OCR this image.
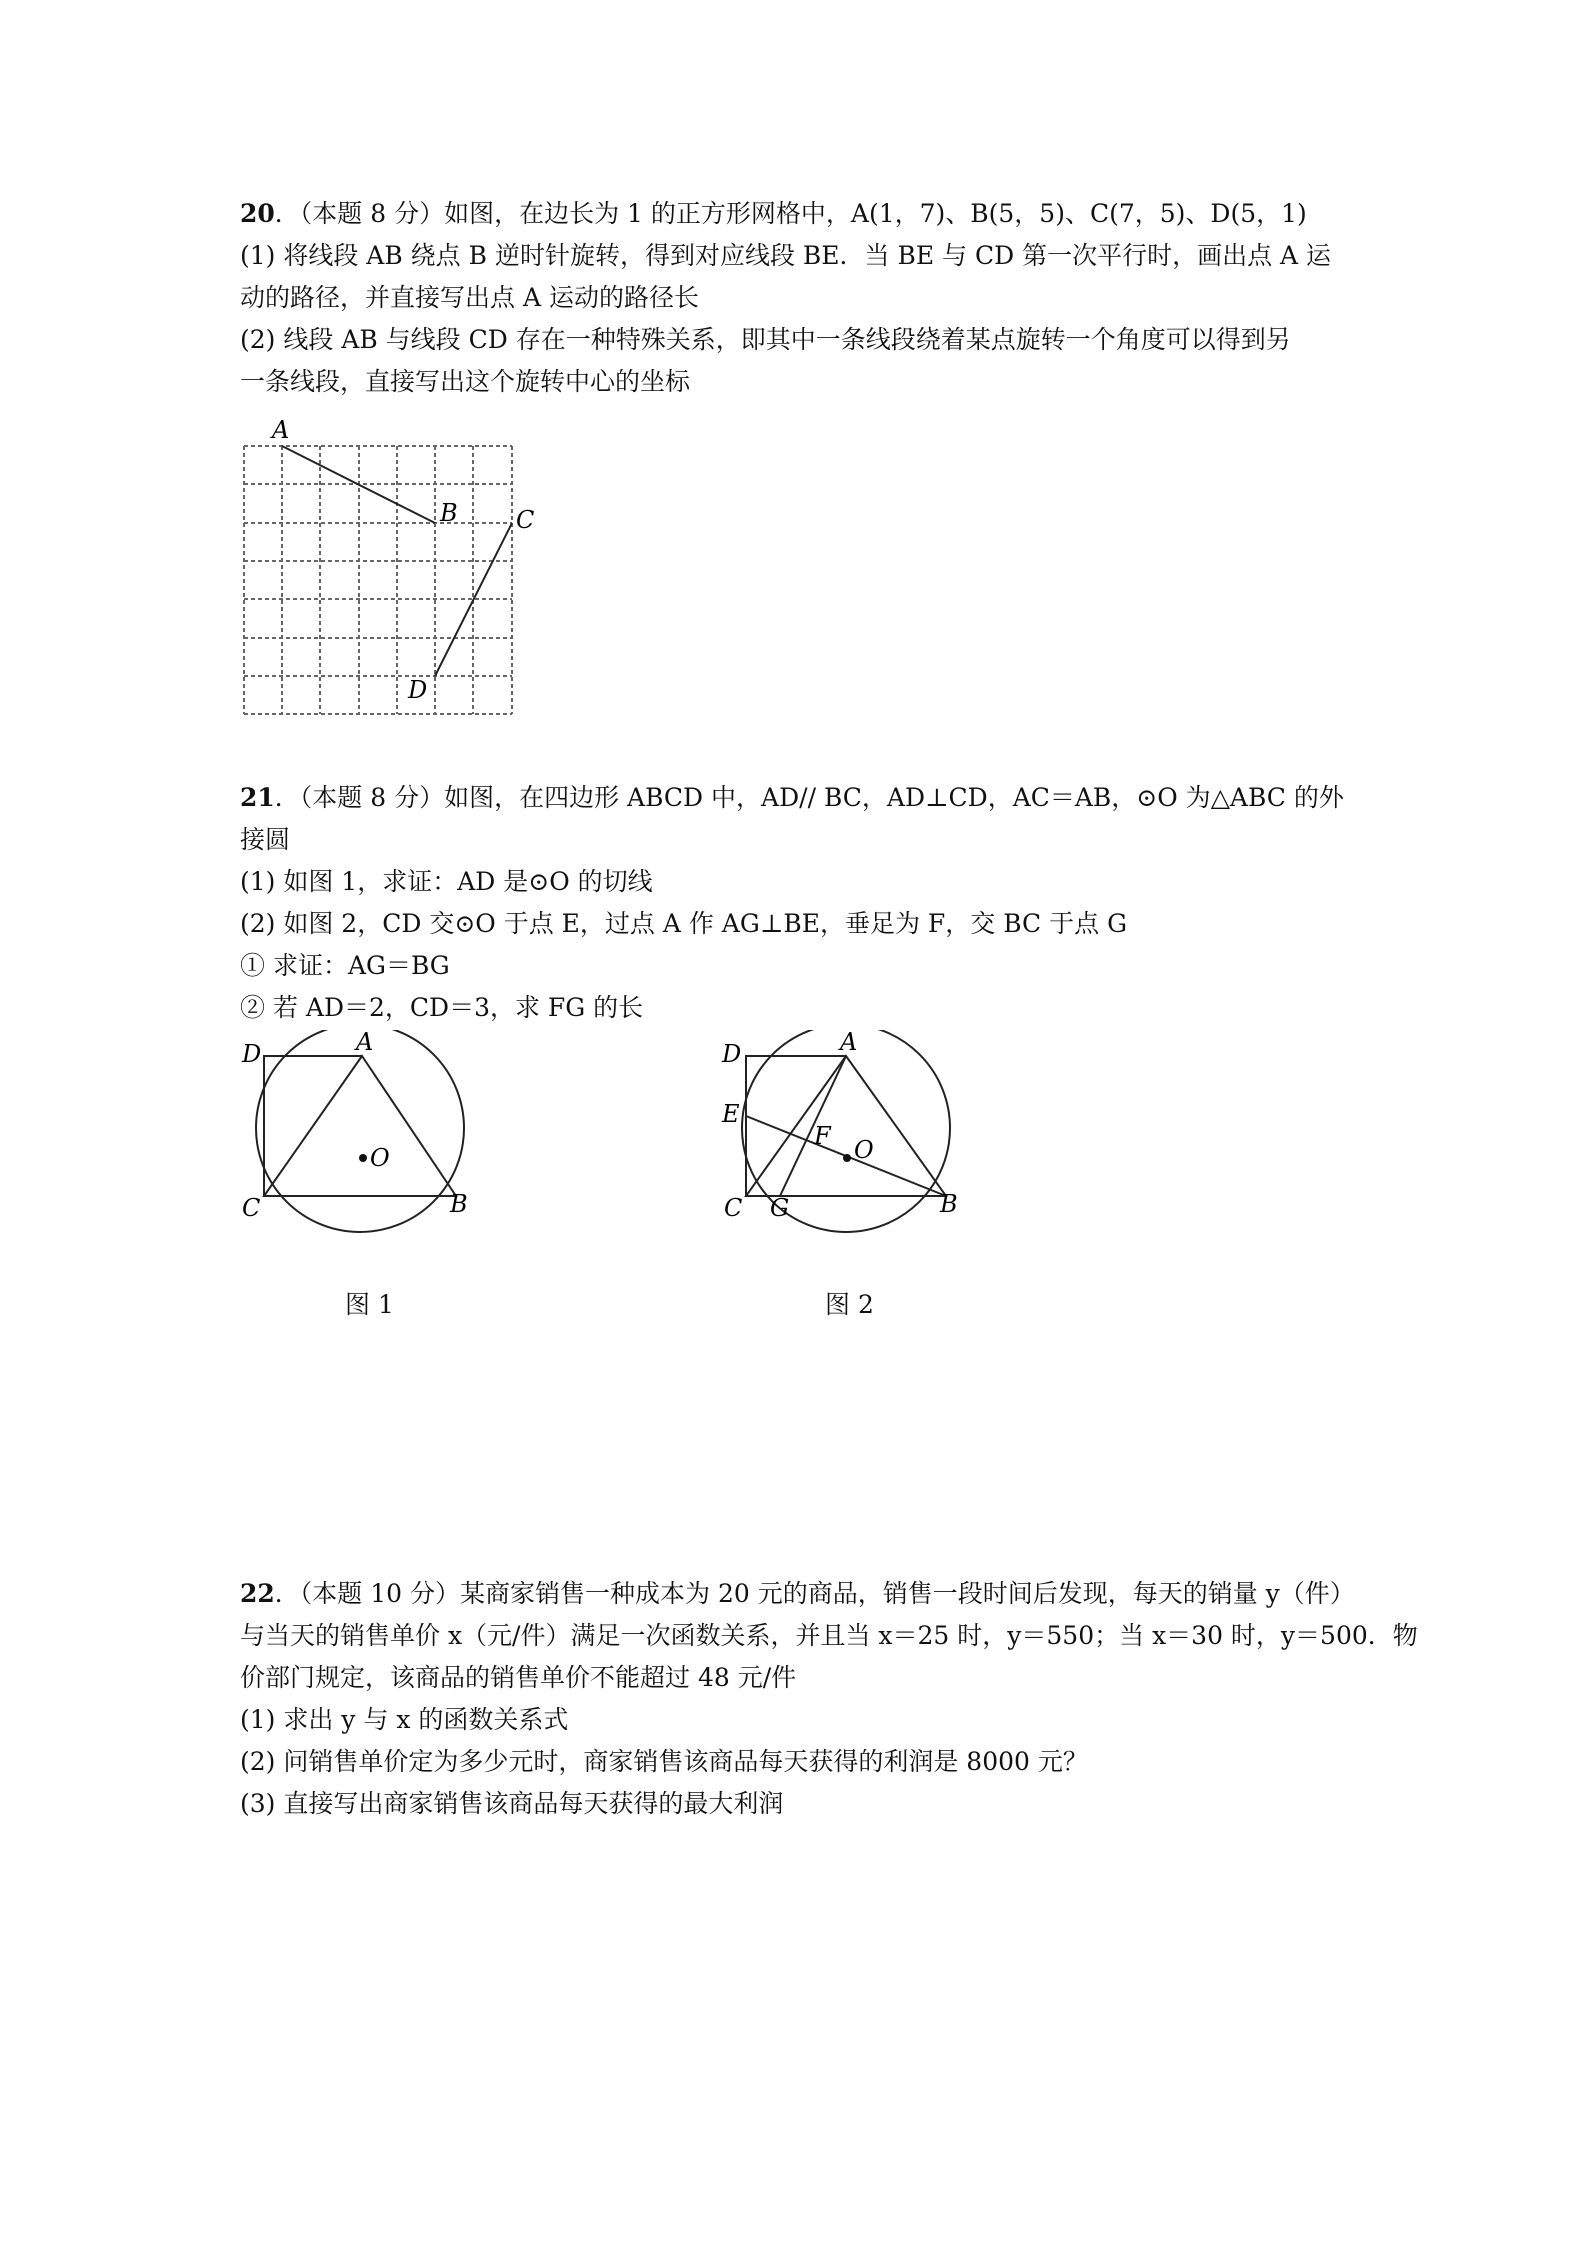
20．（本题 8 分）如图，在边长为 1 的正方形网格中，A(1，7)、B(5，5)、C(7，5)、D(5，1)
(1) 将线段 AB 绕点 B 逆时针旋转，得到对应线段 BE．当 BE 与 CD 第一次平行时，画出点 A 运
动的路径，并直接写出点 A 运动的路径长
(2) 线段 AB 与线段 CD 存在一种特殊关系，即其中一条线段绕着某点旋转一个角度可以得到另
一条线段，直接写出这个旋转中心的坐标
A
B C
D
21．（本题 8 分）如图，在四边形 ABCD 中，AD// BC，AD⊥CD，AC＝AB，⊙O 为△ABC 的外
接圆
(1) 如图 1，求证：AD 是⊙O 的切线
(2) 如图 2，CD 交⊙O 于点 E，过点 A 作 AG⊥BE，垂足为 F，交 BC 于点 G
① 求证：AG＝BG
② 若 AD＝2，CD＝3，求 FG 的长
D	A
O
C	B
图 1
D	A
E
F O
C G	B
图 2
22．（本题 10 分）某商家销售一种成本为 20 元的商品，销售一段时间后发现，每天的销量 y（件）
与当天的销售单价 x（元/件）满足一次函数关系，并且当 x＝25 时，y＝550；当 x＝30 时，y＝500．物
价部门规定，该商品的销售单价不能超过 48 元/件
(1) 求出 y 与 x 的函数关系式
(2) 问销售单价定为多少元时，商家销售该商品每天获得的利润是 8000 元？
(3) 直接写出商家销售该商品每天获得的最大利润
